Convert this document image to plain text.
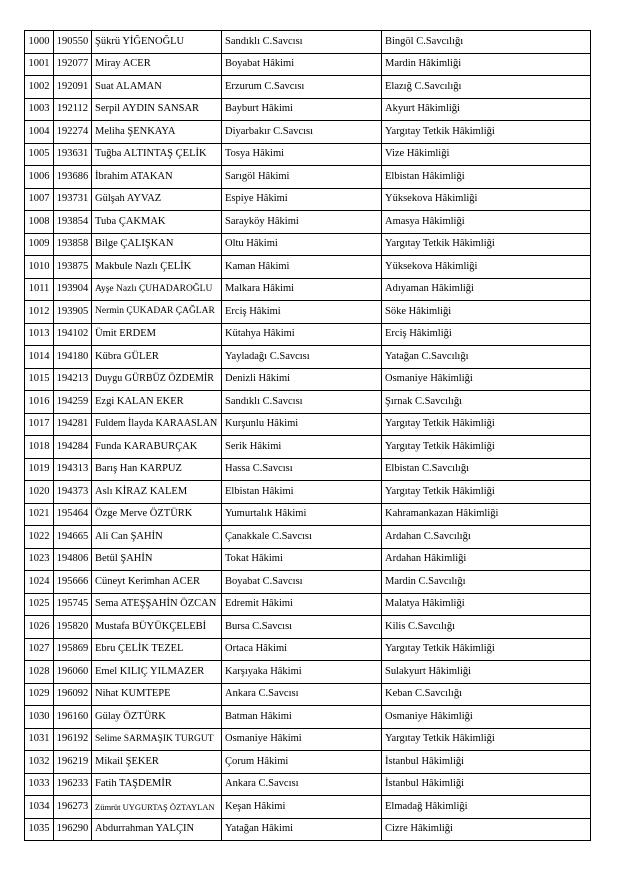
1000	190550	Şükrü YİĞENOĞLU	Sandıklı C.Savcısı	Bingöl C.Savcılığı
1001	192077	Miray ACER	Boyabat Hâkimi	Mardin Hâkimliği
1002	192091	Suat ALAMAN	Erzurum C.Savcısı	Elazığ C.Savcılığı
1003	192112	Serpil AYDIN SANSAR	Bayburt Hâkimi	Akyurt Hâkimliği
1004	192274	Meliha ŞENKAYA	Diyarbakır C.Savcısı	Yargıtay Tetkik Hâkimliği
1005	193631	Tuğba ALTINTAŞ ÇELİK	Tosya Hâkimi	Vize Hâkimliği
1006	193686	İbrahim ATAKAN	Sarıgöl Hâkimi	Elbistan Hâkimliği
1007	193731	Gülşah AYVAZ	Espiye Hâkimi	Yüksekova Hâkimliği
1008	193854	Tuba ÇAKMAK	Sarayköy Hâkimi	Amasya Hâkimliği
1009	193858	Bilge ÇALIŞKAN	Oltu Hâkimi	Yargıtay Tetkik Hâkimliği
1010	193875	Makbule Nazlı ÇELİK	Kaman Hâkimi	Yüksekova Hâkimliği
1011	193904	Ayşe Nazlı ÇUHADAROĞLU	Malkara Hâkimi	Adıyaman Hâkimliği
1012	193905	Nermin ÇUKADAR ÇAĞLAR	Erciş Hâkimi	Söke Hâkimliği
1013	194102	Ümit ERDEM	Kütahya Hâkimi	Erciş Hâkimliği
1014	194180	Kübra GÜLER	Yayladağı C.Savcısı	Yatağan C.Savcılığı
1015	194213	Duygu GÜRBÜZ ÖZDEMİR	Denizli Hâkimi	Osmaniye Hâkimliği
1016	194259	Ezgi KALAN EKER	Sandıklı C.Savcısı	Şırnak C.Savcılığı
1017	194281	Fuldem İlayda KARAASLAN	Kurşunlu Hâkimi	Yargıtay Tetkik Hâkimliği
1018	194284	Funda KARABURÇAK	Serik Hâkimi	Yargıtay Tetkik Hâkimliği
1019	194313	Barış Han KARPUZ	Hassa C.Savcısı	Elbistan C.Savcılığı
1020	194373	Aslı KİRAZ KALEM	Elbistan Hâkimi	Yargıtay Tetkik Hâkimliği
1021	195464	Özge Merve ÖZTÜRK	Yumurtalık Hâkimi	Kahramankazan Hâkimliği
1022	194665	Ali Can ŞAHİN	Çanakkale C.Savcısı	Ardahan C.Savcılığı
1023	194806	Betül ŞAHİN	Tokat Hâkimi	Ardahan Hâkimliği
1024	195666	Cüneyt Kerimhan ACER	Boyabat C.Savcısı	Mardin C.Savcılığı
1025	195745	Sema ATEŞŞAHİN ÖZCAN	Edremit Hâkimi	Malatya Hâkimliği
1026	195820	Mustafa BÜYÜKÇELEBİ	Bursa C.Savcısı	Kilis C.Savcılığı
1027	195869	Ebru ÇELİK TEZEL	Ortaca Hâkimi	Yargıtay Tetkik Hâkimliği
1028	196060	Emel KILIÇ YILMAZER	Karşıyaka Hâkimi	Sulakyurt Hâkimliği
1029	196092	Nihat KUMTEPE	Ankara C.Savcısı	Keban C.Savcılığı
1030	196160	Gülay ÖZTÜRK	Batman Hâkimi	Osmaniye Hâkimliği
1031	196192	Selime SARMAŞIK TURGUT	Osmaniye Hâkimi	Yargıtay Tetkik Hâkimliği
1032	196219	Mikail ŞEKER	Çorum Hâkimi	İstanbul Hâkimliği
1033	196233	Fatih TAŞDEMİR	Ankara C.Savcısı	İstanbul Hâkimliği
1034	196273	Zümrüt UYGURTAŞ ÖZTAYLAN	Keşan Hâkimi	Elmadağ Hâkimliği
1035	196290	Abdurrahman YALÇIN	Yatağan Hâkimi	Cizre Hâkimliği
